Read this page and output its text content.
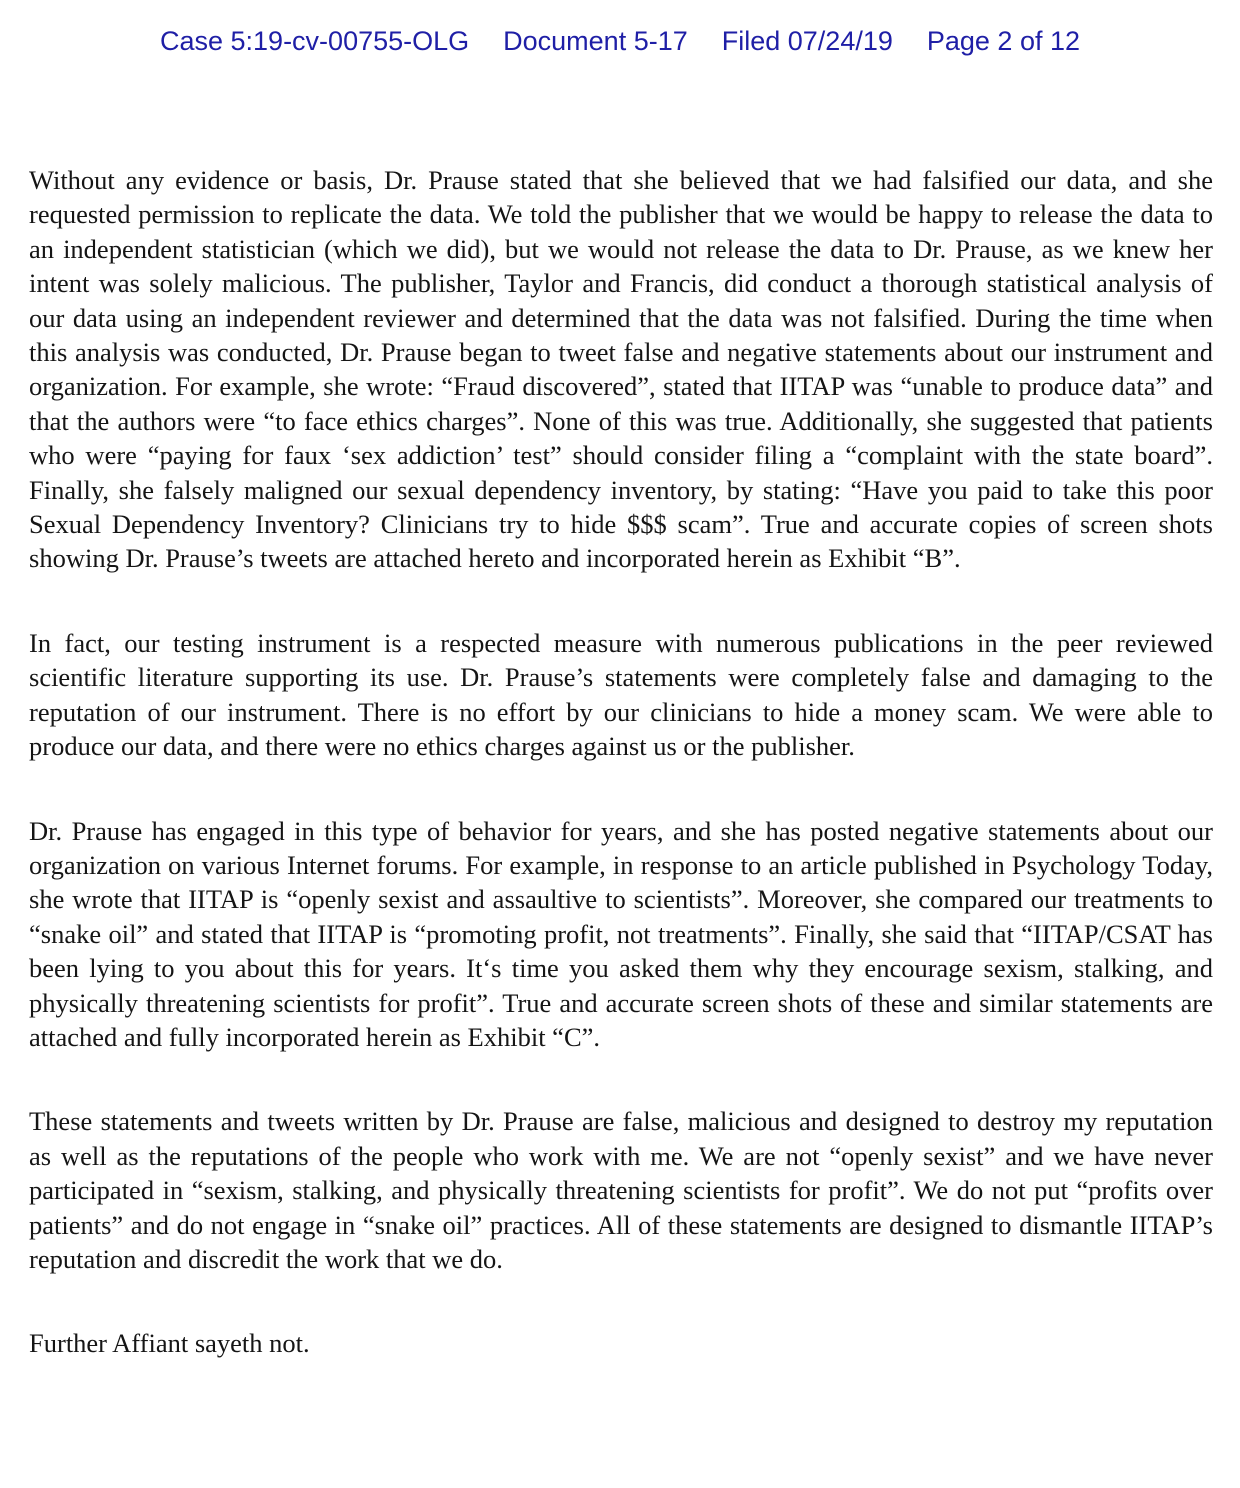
Case 5:19-cv-00755-OLG Document 5-17 Filed 07/24/19 Page 2 of 12

Without any evidence or basis, Dr. Prause stated that she believed that we had falsified our data, and she requested permission to replicate the data. We told the publisher that we would be happy to release the data to an independent statistician (which we did), but we would not release the data to Dr. Prause, as we knew her intent was solely malicious. The publisher, Taylor and Francis, did conduct a thorough statistical analysis of our data using an independent reviewer and determined that the data was not falsified. During the time when this analysis was conducted, Dr. Prause began to tweet false and negative statements about our instrument and organization. For example, she wrote: “Fraud discovered”, stated that IITAP was “unable to produce data” and that the authors were “to face ethics charges”. None of this was true. Additionally, she suggested that patients who were “paying for faux ‘sex addiction’ test” should consider filing a “complaint with the state board”. Finally, she falsely maligned our sexual dependency inventory, by stating: “Have you paid to take this poor Sexual Dependency Inventory? Clinicians try to hide $$$ scam”. True and accurate copies of screen shots showing Dr. Prause’s tweets are attached hereto and incorporated herein as Exhibit “B”.

In fact, our testing instrument is a respected measure with numerous publications in the peer reviewed scientific literature supporting its use. Dr. Prause’s statements were completely false and damaging to the reputation of our instrument. There is no effort by our clinicians to hide a money scam. We were able to produce our data, and there were no ethics charges against us or the publisher.

Dr. Prause has engaged in this type of behavior for years, and she has posted negative statements about our organization on various Internet forums. For example, in response to an article published in Psychology Today, she wrote that IITAP is “openly sexist and assaultive to scientists”. Moreover, she compared our treatments to “snake oil” and stated that IITAP is “promoting profit, not treatments”. Finally, she said that “IITAP/CSAT has been lying to you about this for years. It‘s time you asked them why they encourage sexism, stalking, and physically threatening scientists for profit”. True and accurate screen shots of these and similar statements are attached and fully incorporated herein as Exhibit “C”.

These statements and tweets written by Dr. Prause are false, malicious and designed to destroy my reputation as well as the reputations of the people who work with me. We are not “openly sexist” and we have never participated in “sexism, stalking, and physically threatening scientists for profit”. We do not put “profits over patients” and do not engage in “snake oil” practices. All of these statements are designed to dismantle IITAP’s reputation and discredit the work that we do.

Further Affiant sayeth not.
